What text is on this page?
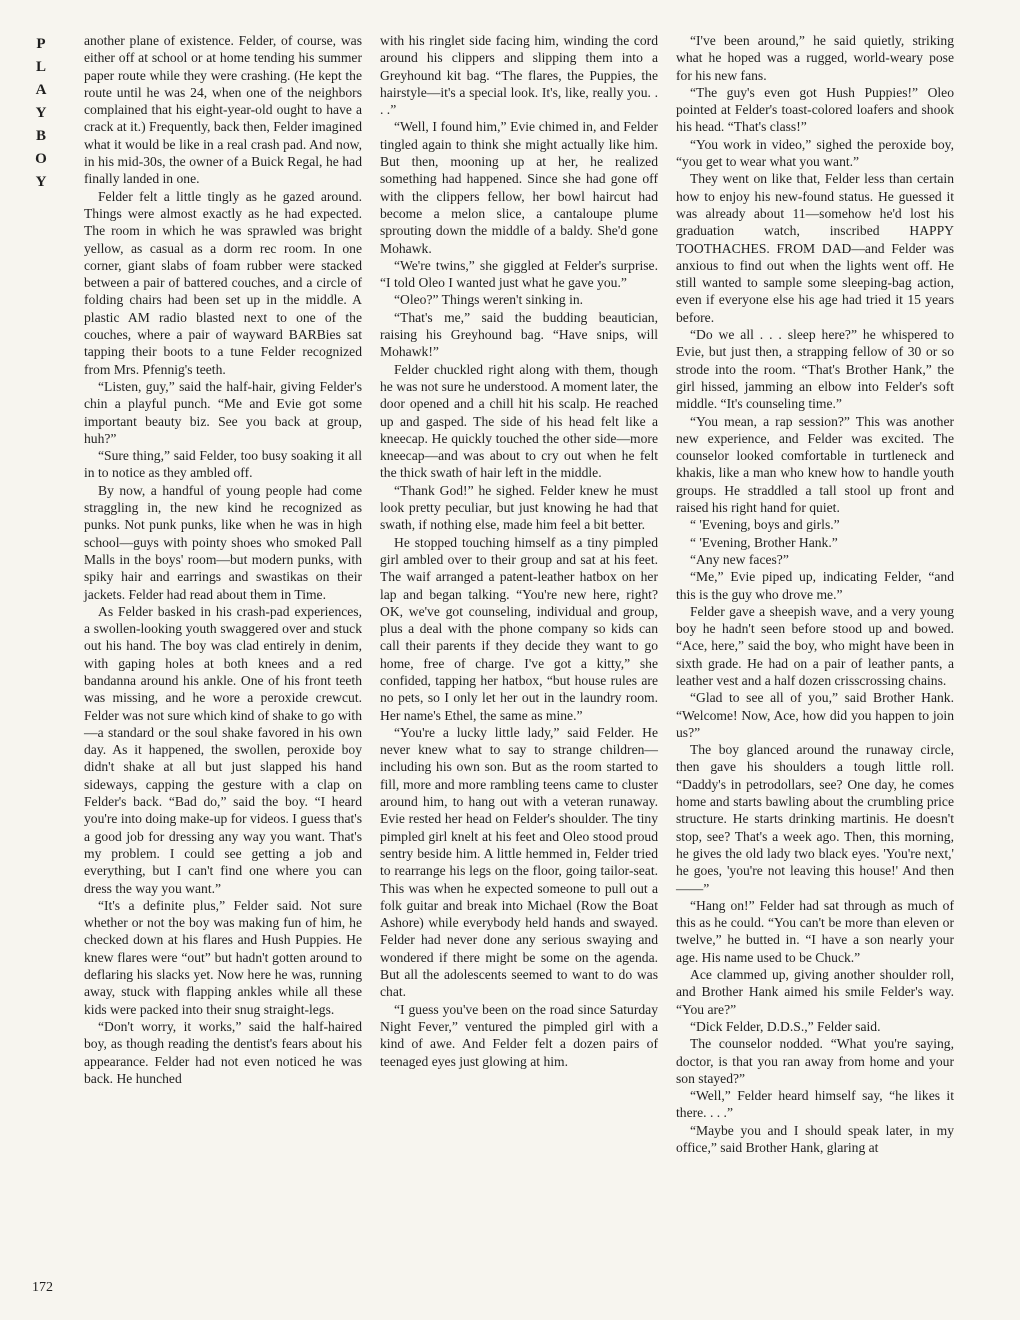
P
L
A
Y
B
O
Y

another plane of existence. Felder, of course, was either off at school or at home tending his summer paper route while they were crashing. (He kept the route until he was 24, when one of the neighbors complained that his eight-year-old ought to have a crack at it.) Frequently, back then, Felder imagined what it would be like in a real crash pad. And now, in his mid-30s, the owner of a Buick Regal, he had finally landed in one.

Felder felt a little tingly as he gazed around. Things were almost exactly as he had expected. The room in which he was sprawled was bright yellow, as casual as a dorm rec room. In one corner, giant slabs of foam rubber were stacked between a pair of battered couches, and a circle of folding chairs had been set up in the middle. A plastic AM radio blasted next to one of the couches, where a pair of wayward BARBies sat tapping their boots to a tune Felder recognized from Mrs. Pfennig's teeth.

“Listen, guy,” said the half-hair, giving Felder's chin a playful punch. “Me and Evie got some important beauty biz. See you back at group, huh?”

“Sure thing,” said Felder, too busy soaking it all in to notice as they ambled off.

By now, a handful of young people had come straggling in, the new kind he recognized as punks. Not punk punks, like when he was in high school—guys with pointy shoes who smoked Pall Malls in the boys' room—but modern punks, with spiky hair and earrings and swastikas on their jackets. Felder had read about them in Time.

As Felder basked in his crash-pad experiences, a swollen-looking youth swaggered over and stuck out his hand. The boy was clad entirely in denim, with gaping holes at both knees and a red bandanna around his ankle. One of his front teeth was missing, and he wore a peroxide crewcut. Felder was not sure which kind of shake to go with—a standard or the soul shake favored in his own day. As it happened, the swollen, peroxide boy didn't shake at all but just slapped his hand sideways, capping the gesture with a clap on Felder's back. “Bad do,” said the boy. “I heard you're into doing make-up for videos. I guess that's a good job for dressing any way you want. That's my problem. I could see getting a job and everything, but I can't find one where you can dress the way you want.”

“It's a definite plus,” Felder said. Not sure whether or not the boy was making fun of him, he checked down at his flares and Hush Puppies. He knew flares were “out” but hadn't gotten around to deflaring his slacks yet. Now here he was, running away, stuck with flapping ankles while all these kids were packed into their snug straight-legs.

“Don't worry, it works,” said the half-haired boy, as though reading the dentist's fears about his appearance. Felder had not even noticed he was back. He hunched

with his ringlet side facing him, winding the cord around his clippers and slipping them into a Greyhound kit bag. “The flares, the Puppies, the hairstyle—it's a special look. It's, like, really you. . . .”

“Well, I found him,” Evie chimed in, and Felder tingled again to think she might actually like him. But then, mooning up at her, he realized something had happened. Since she had gone off with the clippers fellow, her bowl haircut had become a melon slice, a cantaloupe plume sprouting down the middle of a baldy. She'd gone Mohawk.

“We're twins,” she giggled at Felder's surprise. “I told Oleo I wanted just what he gave you.”

“Oleo?” Things weren't sinking in.

“That's me,” said the budding beautician, raising his Greyhound bag. “Have snips, will Mohawk!”

Felder chuckled right along with them, though he was not sure he understood. A moment later, the door opened and a chill hit his scalp. He reached up and gasped. The side of his head felt like a kneecap. He quickly touched the other side—more kneecap—and was about to cry out when he felt the thick swath of hair left in the middle.

“Thank God!” he sighed. Felder knew he must look pretty peculiar, but just knowing he had that swath, if nothing else, made him feel a bit better.

He stopped touching himself as a tiny pimpled girl ambled over to their group and sat at his feet. The waif arranged a patent-leather hatbox on her lap and began talking. “You're new here, right? OK, we've got counseling, individual and group, plus a deal with the phone company so kids can call their parents if they decide they want to go home, free of charge. I've got a kitty,” she confided, tapping her hatbox, “but house rules are no pets, so I only let her out in the laundry room. Her name's Ethel, the same as mine.”

“You're a lucky little lady,” said Felder. He never knew what to say to strange children—including his own son. But as the room started to fill, more and more rambling teens came to cluster around him, to hang out with a veteran runaway. Evie rested her head on Felder's shoulder. The tiny pimpled girl knelt at his feet and Oleo stood proud sentry beside him. A little hemmed in, Felder tried to rearrange his legs on the floor, going tailor-seat. This was when he expected someone to pull out a folk guitar and break into Michael (Row the Boat Ashore) while everybody held hands and swayed. Felder had never done any serious swaying and wondered if there might be some on the agenda. But all the adolescents seemed to want to do was chat.

“I guess you've been on the road since Saturday Night Fever,” ventured the pimpled girl with a kind of awe. And Felder felt a dozen pairs of teenaged eyes just glowing at him.

“I've been around,” he said quietly, striking what he hoped was a rugged, world-weary pose for his new fans.

“The guy's even got Hush Puppies!” Oleo pointed at Felder's toast-colored loafers and shook his head. “That's class!”

“You work in video,” sighed the peroxide boy, “you get to wear what you want.”

They went on like that, Felder less than certain how to enjoy his new-found status. He guessed it was already about 11—somehow he'd lost his graduation watch, inscribed HAPPY TOOTHACHES. FROM DAD—and Felder was anxious to find out when the lights went off. He still wanted to sample some sleeping-bag action, even if everyone else his age had tried it 15 years before.

“Do we all . . . sleep here?” he whispered to Evie, but just then, a strapping fellow of 30 or so strode into the room. “That's Brother Hank,” the girl hissed, jamming an elbow into Felder's soft middle. “It's counseling time.”

“You mean, a rap session?” This was another new experience, and Felder was excited. The counselor looked comfortable in turtleneck and khakis, like a man who knew how to handle youth groups. He straddled a tall stool up front and raised his right hand for quiet.

“ 'Evening, boys and girls.”

“ 'Evening, Brother Hank.”

“Any new faces?”

“Me,” Evie piped up, indicating Felder, “and this is the guy who drove me.”

Felder gave a sheepish wave, and a very young boy he hadn't seen before stood up and bowed. “Ace, here,” said the boy, who might have been in sixth grade. He had on a pair of leather pants, a leather vest and a half dozen crisscrossing chains.

“Glad to see all of you,” said Brother Hank. “Welcome! Now, Ace, how did you happen to join us?”

The boy glanced around the runaway circle, then gave his shoulders a tough little roll. “Daddy's in petrodollars, see? One day, he comes home and starts bawling about the crumbling price structure. He starts drinking martinis. He doesn't stop, see? That's a week ago. Then, this morning, he gives the old lady two black eyes. 'You're next,' he goes, 'you're not leaving this house!' And then——”

“Hang on!” Felder had sat through as much of this as he could. “You can't be more than eleven or twelve,” he butted in. “I have a son nearly your age. His name used to be Chuck.”

Ace clammed up, giving another shoulder roll, and Brother Hank aimed his smile Felder's way. “You are?”

“Dick Felder, D.D.S.,” Felder said.

The counselor nodded. “What you're saying, doctor, is that you ran away from home and your son stayed?”

“Well,” Felder heard himself say, “he likes it there. . . .”

“Maybe you and I should speak later, in my office,” said Brother Hank, glaring at

172
